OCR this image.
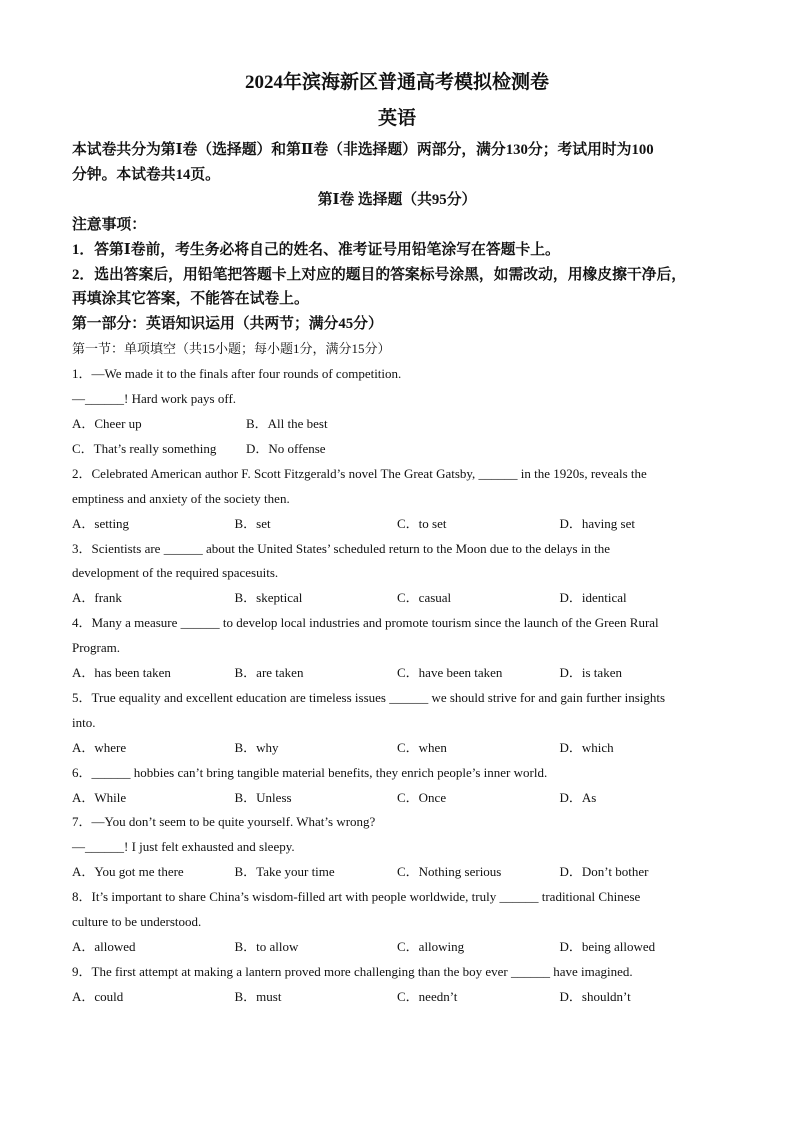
2024年滨海新区普通高考模拟检测卷

英语

本试卷共分为第Ⅰ卷（选择题）和第Ⅱ卷（非选择题）两部分，满分130分；考试用时为100

分钟。本试卷共14页。

第Ⅰ卷 选择题（共95分）

注意事项：

1．答第Ⅰ卷前，考生务必将自己的姓名、准考证号用铅笔涂写在答题卡上。

2．选出答案后，用铅笔把答题卡上对应的题目的答案标号涂黑，如需改动，用橡皮擦干净后，

再填涂其它答案，不能答在试卷上。

第一部分：英语知识运用（共两节；满分45分）

第一节：单项填空（共15小题；每小题1分，满分15分）

1．—We made it to the finals after four rounds of competition.

—______! Hard work pays off.

A．Cheer up	B．All the best
C．That’s really something	D．No offense

2．Celebrated American author F. Scott Fitzgerald’s novel The Great Gatsby, ______ in the 1920s, reveals the

emptiness and anxiety of the society then.

A．setting	B．set	C．to set	D．having set

3．Scientists are ______ about the United States’ scheduled return to the Moon due to the delays in the

development of the required spacesuits.

A．frank	B．skeptical	C．casual	D．identical

4．Many a measure ______ to develop local industries and promote tourism since the launch of the Green Rural

Program.

A．has been taken	B．are taken	C．have been taken	D．is taken

5．True equality and excellent education are timeless issues ______ we should strive for and gain further insights

into.

A．where	B．why	C．when	D．which

6．______ hobbies can’t bring tangible material benefits, they enrich people’s inner world.

A．While	B．Unless	C．Once	D．As

7．—You don’t seem to be quite yourself. What’s wrong?

—______! I just felt exhausted and sleepy.

A．You got me there	B．Take your time	C．Nothing serious	D．Don’t bother

8．It’s important to share China’s wisdom-filled art with people worldwide, truly ______ traditional Chinese

culture to be understood.

A．allowed	B．to allow	C．allowing	D．being allowed

9．The first attempt at making a lantern proved more challenging than the boy ever ______ have imagined.

A．could	B．must	C．needn’t	D．shouldn’t
